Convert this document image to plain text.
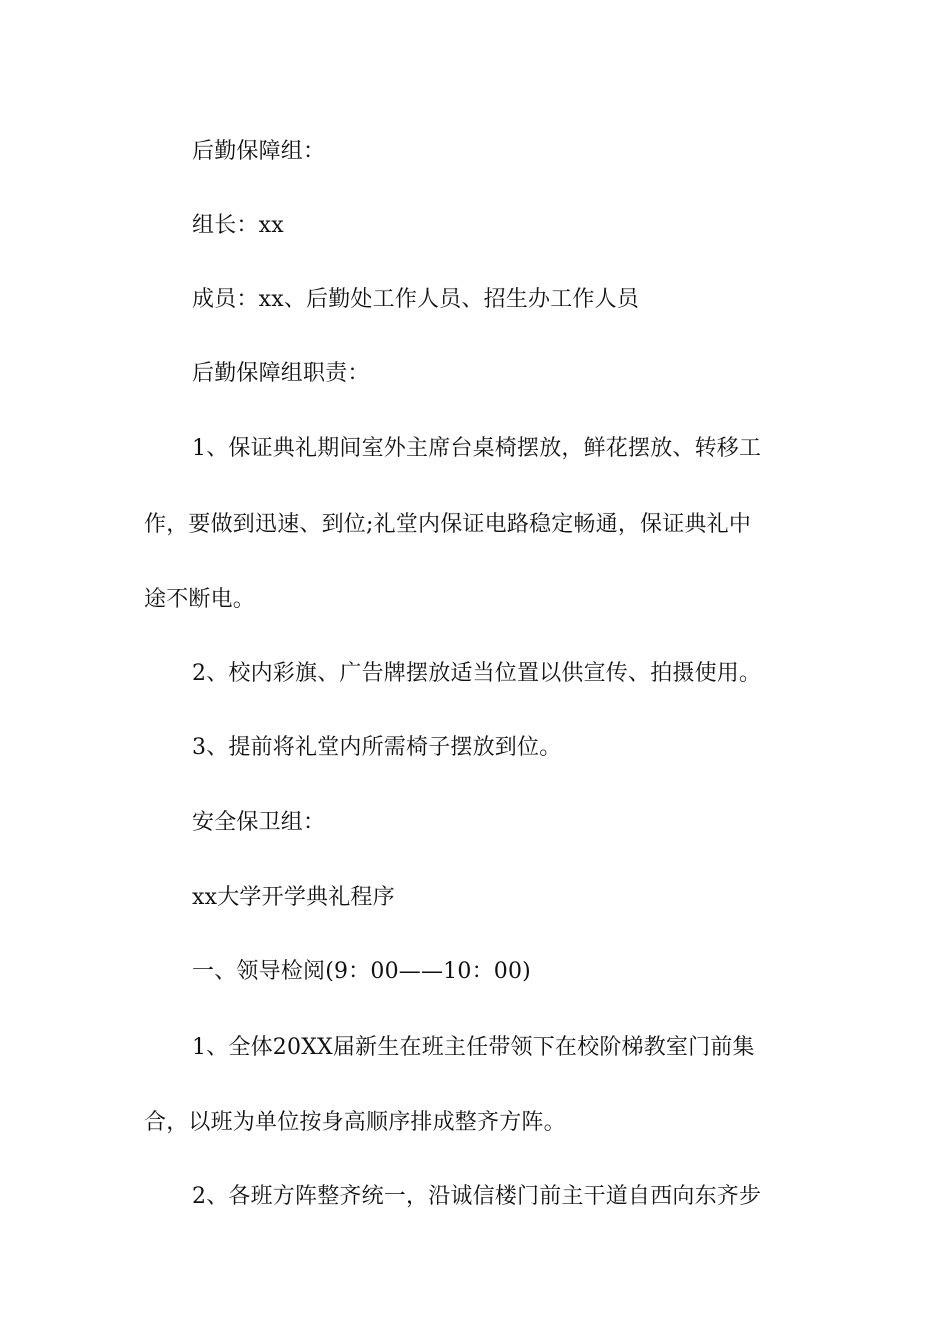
后勤保障组：
组长：xx
成员：xx、后勤处工作人员、招生办工作人员
后勤保障组职责：
1、保证典礼期间室外主席台桌椅摆放，鲜花摆放、转移工
作，要做到迅速、到位;礼堂内保证电路稳定畅通，保证典礼中
途不断电。
2、校内彩旗、广告牌摆放适当位置以供宣传、拍摄使用。
3、提前将礼堂内所需椅子摆放到位。
安全保卫组：
xx大学开学典礼程序
一、领导检阅(9：00——10：00)
1、全体20XX届新生在班主任带领下在校阶梯教室门前集
合，以班为单位按身高顺序排成整齐方阵。
2、各班方阵整齐统一，沿诚信楼门前主干道自西向东齐步
